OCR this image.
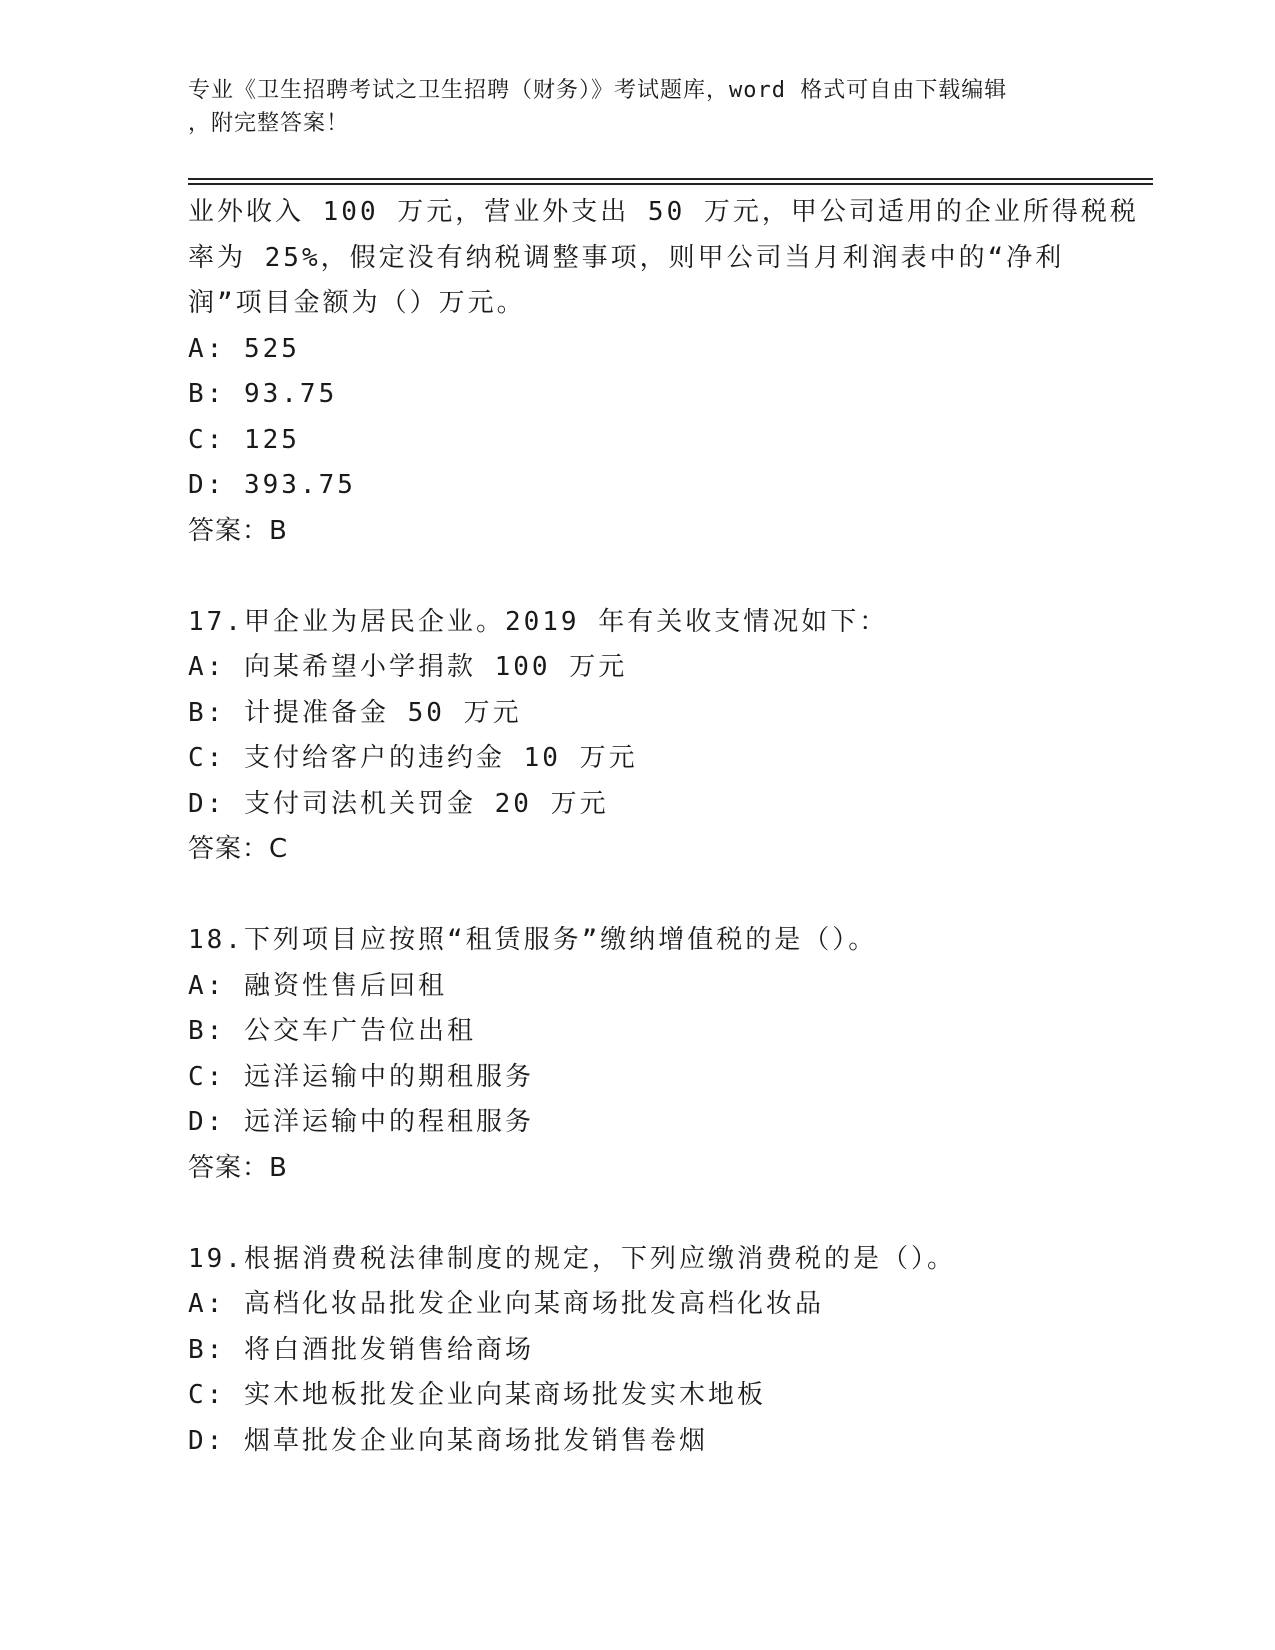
专业《卫生招聘考试之卫生招聘（财务）》考试题库，word 格式可自由下载编辑
，附完整答案！
业外收入 100 万元，营业外支出 50 万元，甲公司适用的企业所得税税
率为 25%，假定没有纳税调整事项，则甲公司当月利润表中的“净利
润”项目金额为（）万元。
A: 525
B: 93.75
C: 125
D: 393.75
答案：B
17.甲企业为居民企业。2019 年有关收支情况如下：
A: 向某希望小学捐款 100 万元
B: 计提准备金 50 万元
C: 支付给客户的违约金 10 万元
D: 支付司法机关罚金 20 万元
答案：C
18.下列项目应按照“租赁服务”缴纳增值税的是（）。
A: 融资性售后回租
B: 公交车广告位出租
C: 远洋运输中的期租服务
D: 远洋运输中的程租服务
答案：B
19.根据消费税法律制度的规定，下列应缴消费税的是（）。
A: 高档化妆品批发企业向某商场批发高档化妆品
B: 将白酒批发销售给商场
C: 实木地板批发企业向某商场批发实木地板
D: 烟草批发企业向某商场批发销售卷烟
